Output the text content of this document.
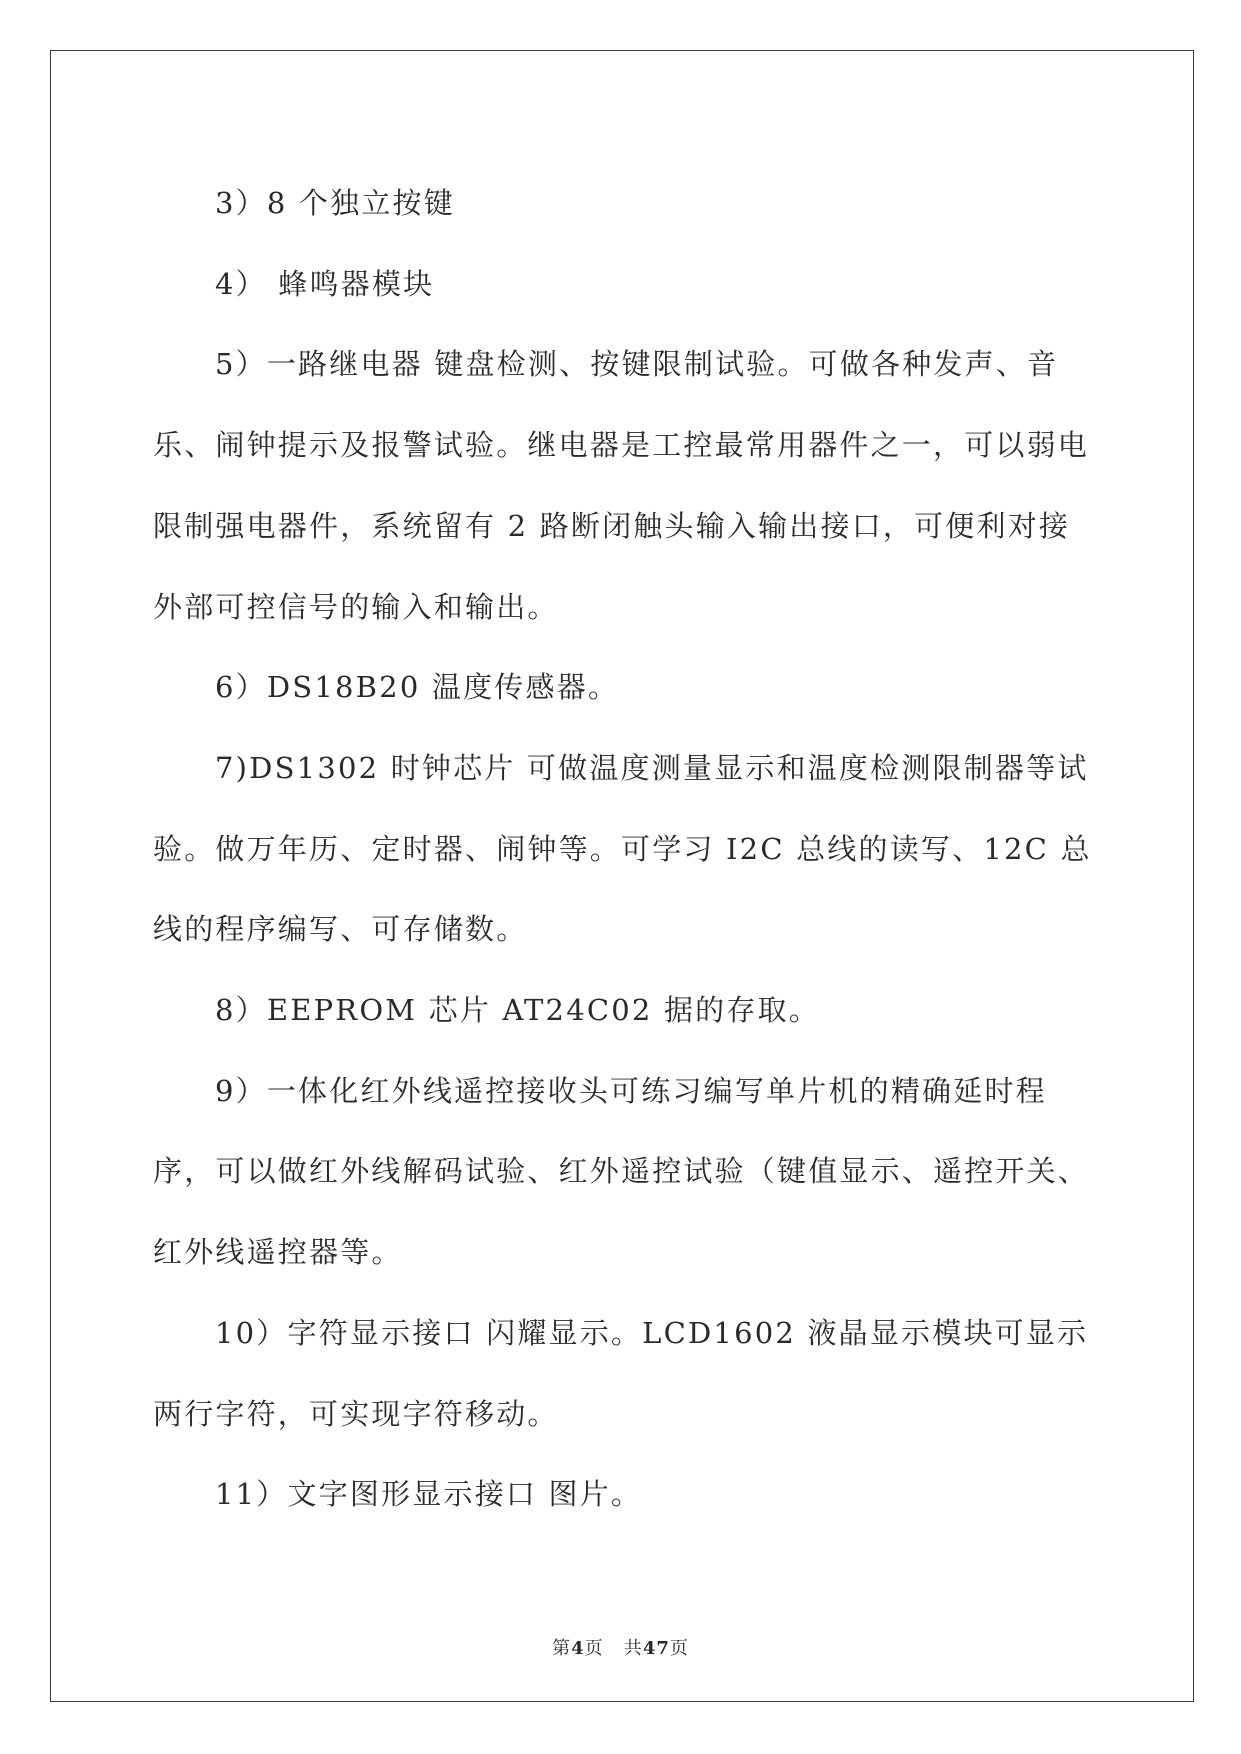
3）8 个独立按键

4） 蜂鸣器模块

5）一路继电器 键盘检测、按键限制试验。可做各种发声、音乐、闹钟提示及报警试验。继电器是工控最常用器件之一，可以弱电限制强电器件，系统留有 2 路断闭触头输入输出接口，可便利对接外部可控信号的输入和输出。

6）DS18B20 温度传感器。

7)DS1302 时钟芯片 可做温度测量显示和温度检测限制器等试验。做万年历、定时器、闹钟等。可学习 I2C 总线的读写、12C 总线的程序编写、可存储数。

8）EEPROM 芯片 AT24C02 据的存取。

9）一体化红外线遥控接收头可练习编写单片机的精确延时程序，可以做红外线解码试验、红外遥控试验（键值显示、遥控开关、红外线遥控器等。

10）字符显示接口 闪耀显示。LCD1602 液晶显示模块可显示两行字符，可实现字符移动。

11）文字图形显示接口 图片。

第4页 共47页
